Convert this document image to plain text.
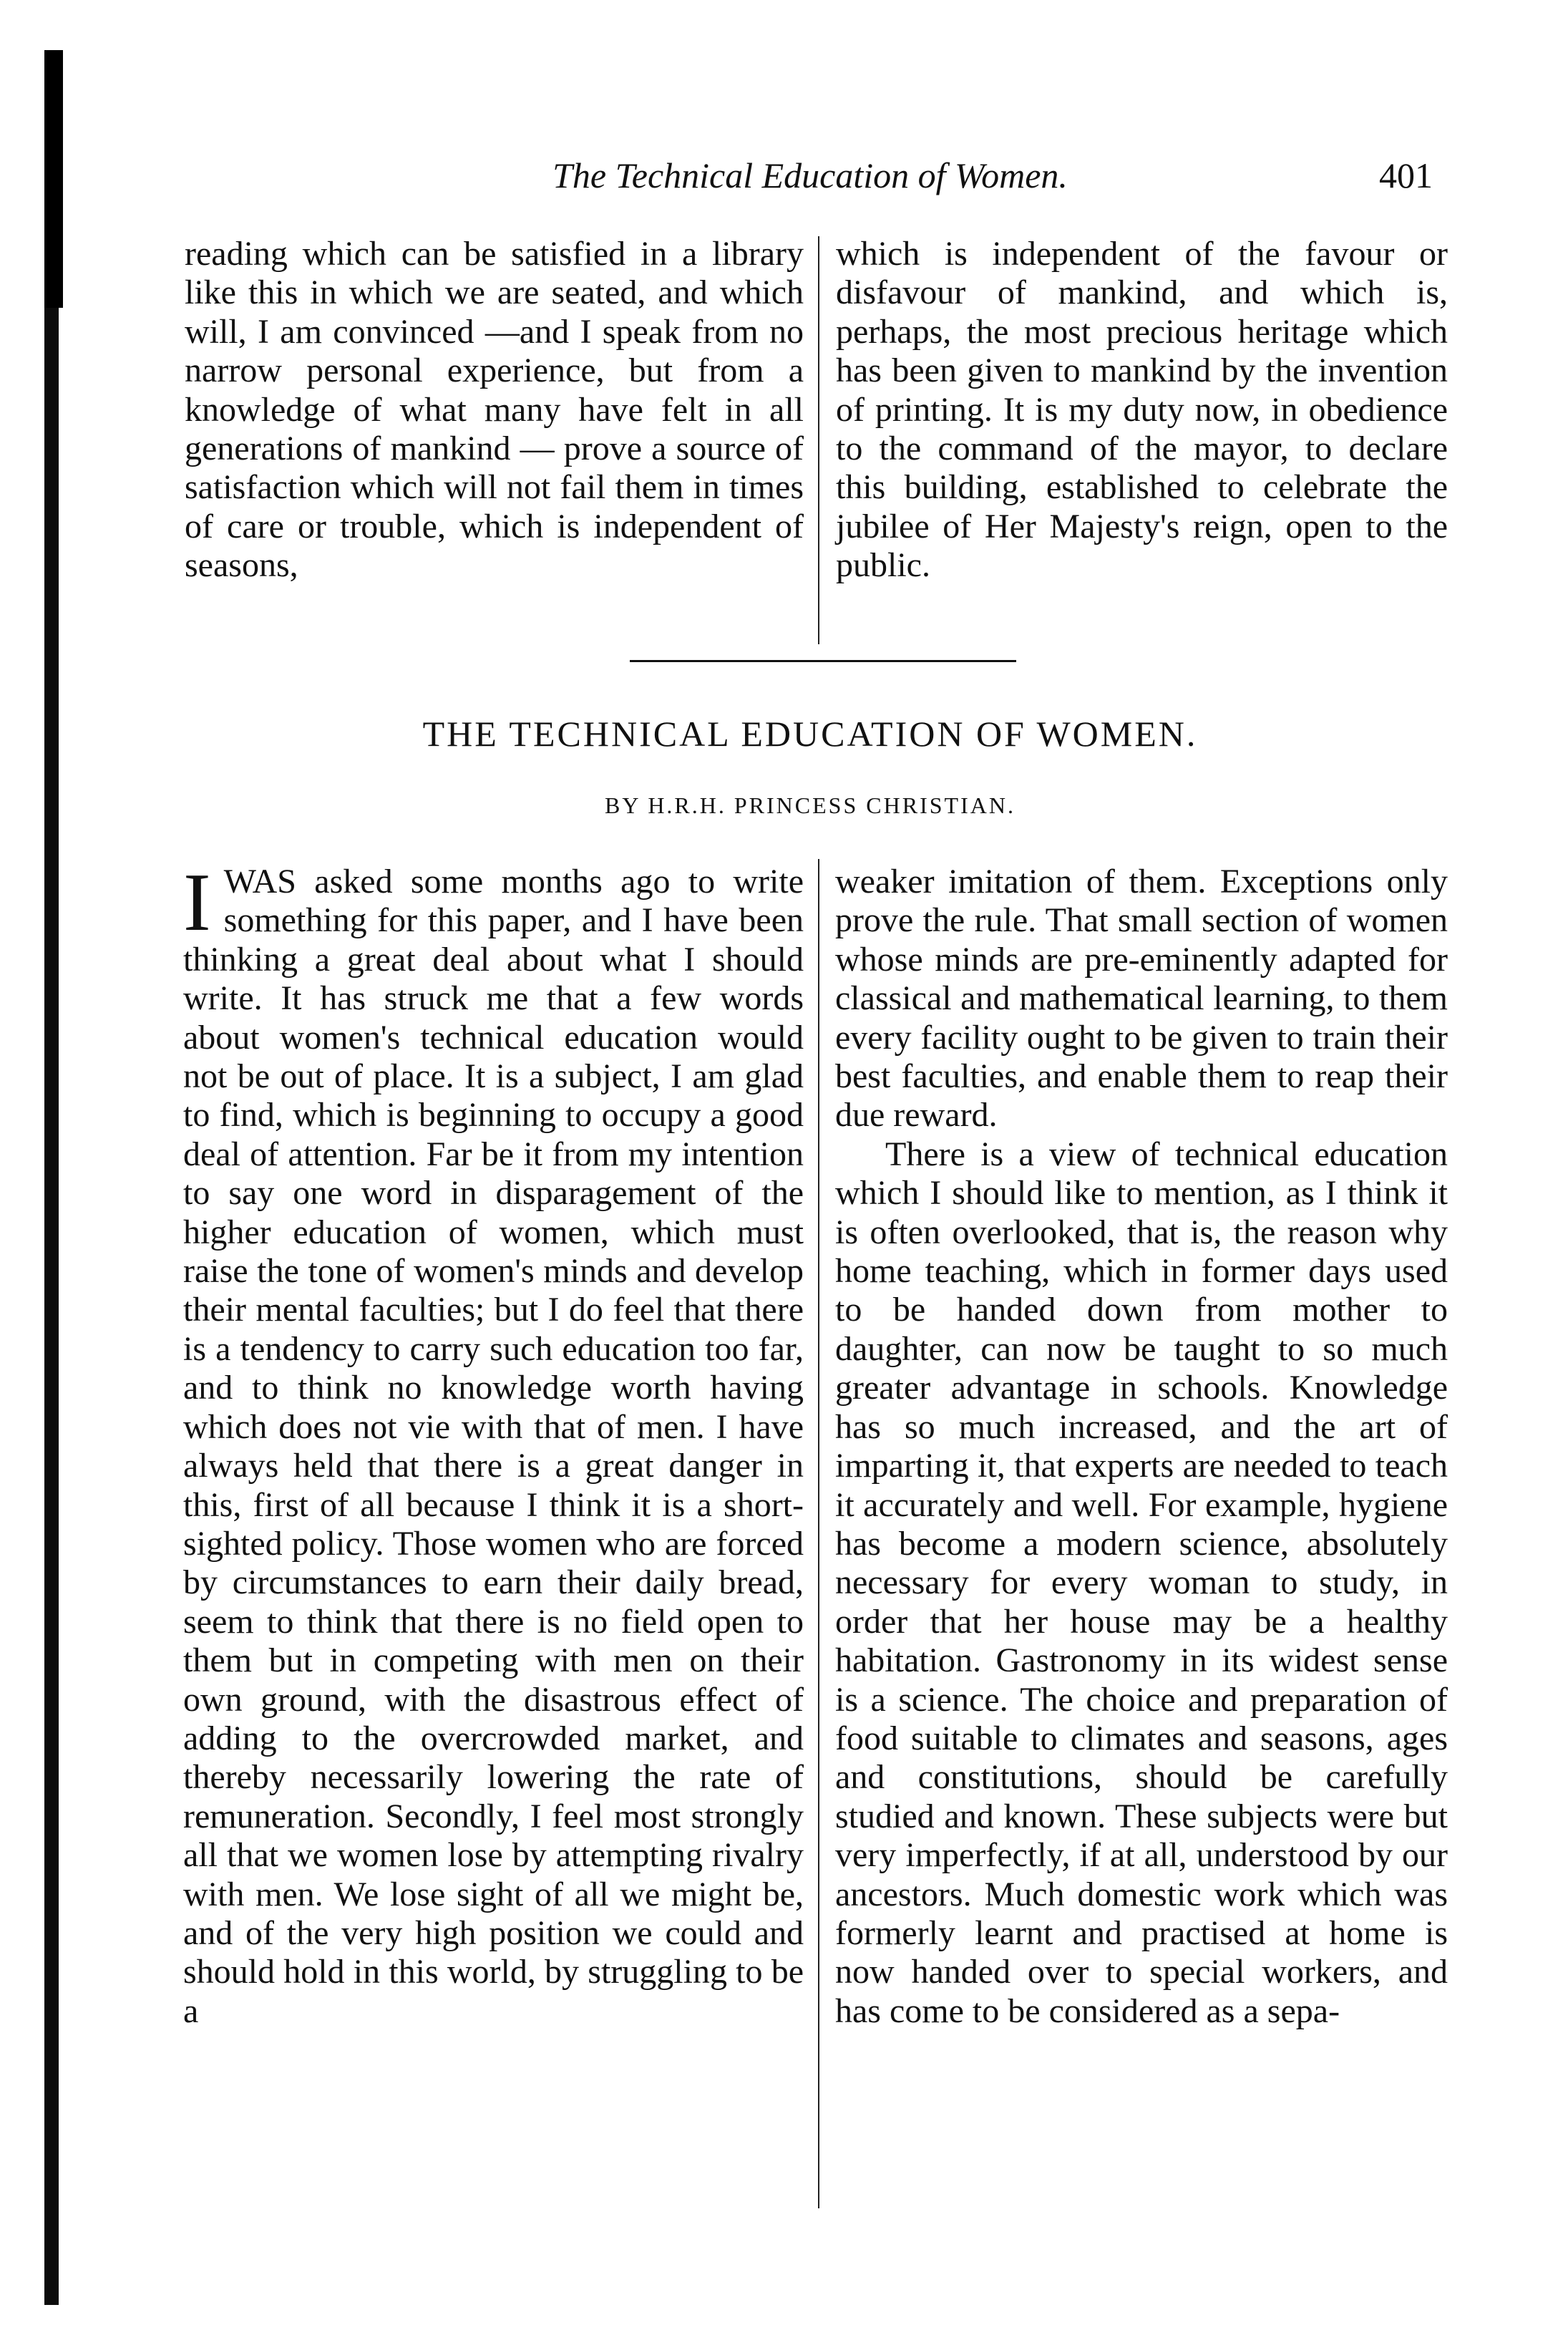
The Technical Education of Women.	401

reading which can be satisfied in a library like this in which we are seated, and which will, I am convinced —and I speak from no narrow personal experience, but from a knowledge of what many have felt in all generations of mankind — prove a source of satisfaction which will not fail them in times of care or trouble, which is independent of seasons,

which is independent of the favour or disfavour of mankind, and which is, perhaps, the most precious heritage which has been given to mankind by the invention of printing. It is my duty now, in obedience to the command of the mayor, to declare this building, established to celebrate the jubilee of Her Majesty's reign, open to the public.

THE TECHNICAL EDUCATION OF WOMEN.
BY H.R.H. PRINCESS CHRISTIAN.
I WAS asked some months ago to write something for this paper, and I have been thinking a great deal about what I should write. It has struck me that a few words about women's technical education would not be out of place. It is a subject, I am glad to find, which is beginning to occupy a good deal of attention. Far be it from my intention to say one word in disparagement of the higher education of women, which must raise the tone of women's minds and develop their mental faculties; but I do feel that there is a tendency to carry such education too far, and to think no knowledge worth having which does not vie with that of men. I have always held that there is a great danger in this, first of all because I think it is a short-sighted policy. Those women who are forced by circumstances to earn their daily bread, seem to think that there is no field open to them but in competing with men on their own ground, with the disastrous effect of adding to the overcrowded market, and thereby necessarily lowering the rate of remuneration. Secondly, I feel most strongly all that we women lose by attempting rivalry with men. We lose sight of all we might be, and of the very high position we could and should hold in this world, by struggling to be a

weaker imitation of them. Exceptions only prove the rule. That small section of women whose minds are pre-eminently adapted for classical and mathematical learning, to them every facility ought to be given to train their best faculties, and enable them to reap their due reward.

There is a view of technical education which I should like to mention, as I think it is often overlooked, that is, the reason why home teaching, which in former days used to be handed down from mother to daughter, can now be taught to so much greater advantage in schools. Knowledge has so much increased, and the art of imparting it, that experts are needed to teach it accurately and well. For example, hygiene has become a modern science, absolutely necessary for every woman to study, in order that her house may be a healthy habitation. Gastronomy in its widest sense is a science. The choice and preparation of food suitable to climates and seasons, ages and constitutions, should be carefully studied and known. These subjects were but very imperfectly, if at all, understood by our ancestors. Much domestic work which was formerly learnt and practised at home is now handed over to special workers, and has come to be considered as a sepa-
